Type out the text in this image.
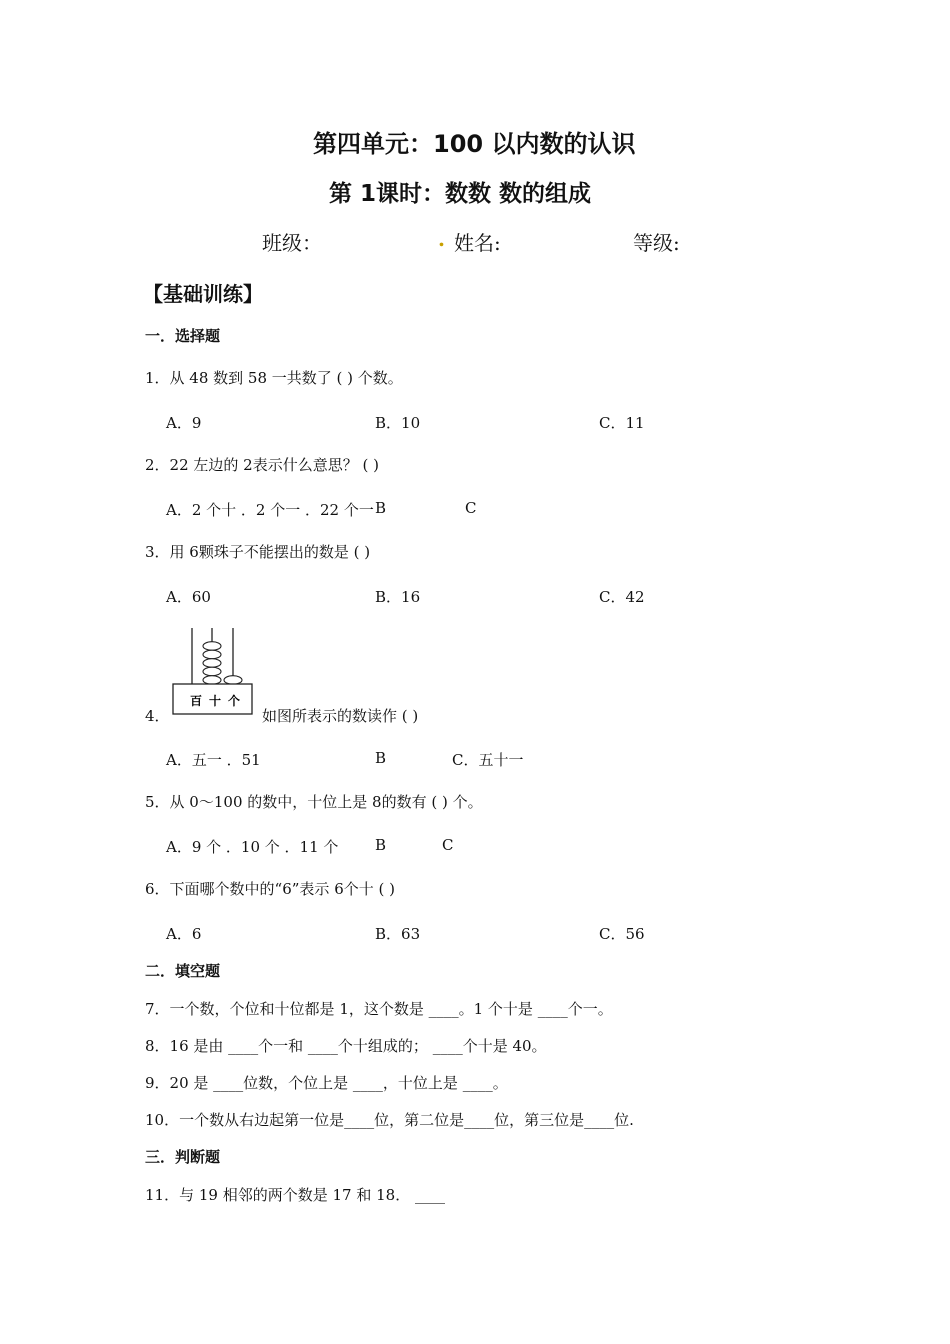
第四单元：100 以内数的认识
第 1课时：数数 数的组成
班级：	. 姓名:	等级:
【基础训练】
一．选择题
1．从 48 数到 58 一共数了 ( ) 个数。
A．9	B．10	C．11
2．22 左边的 2表示什么意思？ ( )
A．2 个十 ．2 个一 ．22 个一 B	C
3．用 6颗珠子不能摆出的数是 ( )
A．60	B．16	C．42
百 十 个
4．	如图所表示的数读作 ( )
A．五一 ．51	B	C．五十一
5．从 0～100 的数中，十位上是 8的数有 ( ) 个。
A．9 个 ．10 个 ．11 个 B	C
6．下面哪个数中的“6”表示 6个十 ( )
A．6	B．63	C．56
二．填空题
7．一个数，个位和十位都是 1，这个数是 ____。1 个十是 ____个一。
8．16 是由 ____个一和 ____个十组成的； ____个十是 40。
9．20 是 ____位数，个位上是 ____，十位上是 ____。
10．一个数从右边起第一位是____位，第二位是____位，第三位是____位.
三．判断题
11．与 19 相邻的两个数是 17 和 18． ____
